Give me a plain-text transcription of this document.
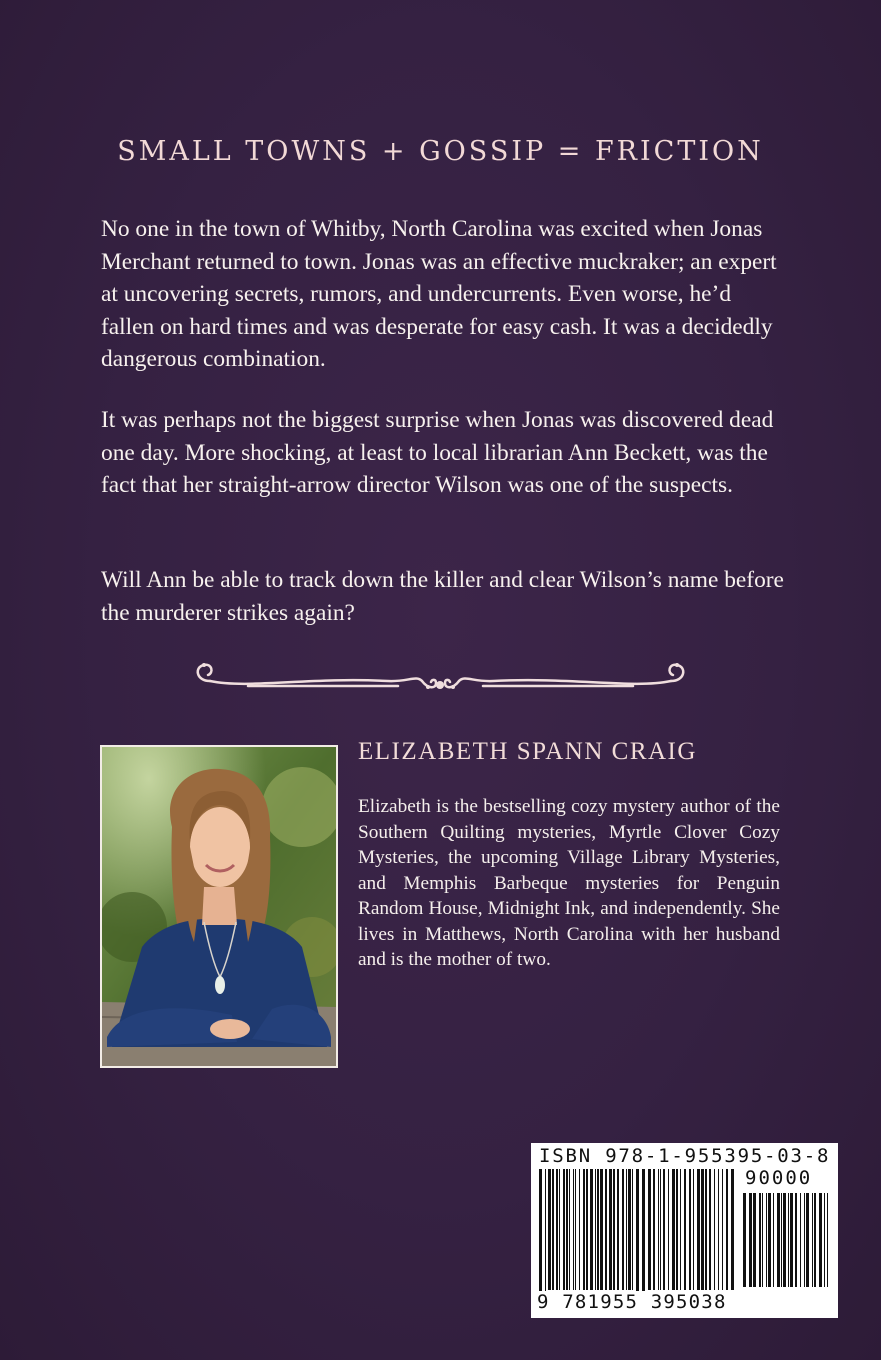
SMALL TOWNS + GOSSIP = FRICTION

No one in the town of Whitby, North Carolina was excited when Jonas Merchant returned to town. Jonas was an effective muckraker; an expert at uncovering secrets, rumors, and undercurrents. Even worse, he’d fallen on hard times and was desperate for easy cash. It was a decidedly dangerous combination.

It was perhaps not the biggest surprise when Jonas was discovered dead one day. More shocking, at least to local librarian Ann Beckett, was the fact that her straight-arrow director Wilson was one of the suspects.

Will Ann be able to track down the killer and clear Wilson’s name before the murderer strikes again?

ELIZABETH SPANN CRAIG

Elizabeth is the bestselling cozy mystery author of the Southern Quilting mysteries, Myrtle Clover Cozy Mysteries, the upcoming Village Library Mysteries, and Memphis Barbeque mysteries for Penguin Random House, Midnight Ink, and independently. She lives in Matthews, North Carolina with her husband and is the mother of two.

ISBN 978-1-955395-03-8
90000
9 781955 395038
